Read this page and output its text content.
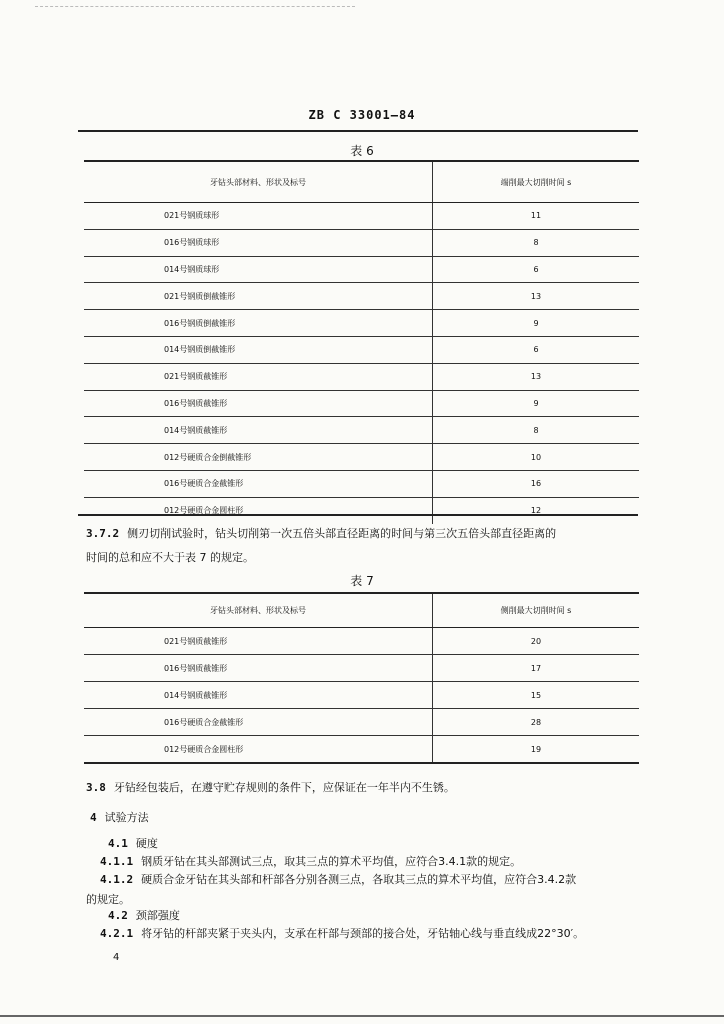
ZB C 33001—84
表 6
牙钻头部材料、形状及标号	端削最大切削时间 s
021号钢质球形	11
016号钢质球形	8
014号钢质球形	6
021号钢质倒截锥形	13
016号钢质倒截锥形	9
014号钢质倒截锥形	6
021号钢质截锥形	13
016号钢质截锥形	9
014号钢质截锥形	8
012号硬质合金倒截锥形	10
016号硬质合金截锥形	16
012号硬质合金圆柱形	12
3.7.2 侧刃切削试验时，钻头切削第一次五倍头部直径距离的时间与第三次五倍头部直径距离的
时间的总和应不大于表 7 的规定。
表 7
牙钻头部材料、形状及标号	侧削最大切削时间 s
021号钢质截锥形	20
016号钢质截锥形	17
014号钢质截锥形	15
016号硬质合金截锥形	28
012号硬质合金圆柱形	19
3.8 牙钻经包装后，在遵守贮存规则的条件下，应保证在一年半内不生锈。
4 试验方法
4.1 硬度
4.1.1 钢质牙钻在其头部测试三点，取其三点的算术平均值，应符合3.4.1款的规定。
4.1.2 硬质合金牙钻在其头部和杆部各分别各测三点，各取其三点的算术平均值，应符合3.4.2款
的规定。
4.2 颈部强度
4.2.1 将牙钻的杆部夹紧于夹头内，支承在杆部与颈部的接合处，牙钻轴心线与垂直线成22°30′。
4
